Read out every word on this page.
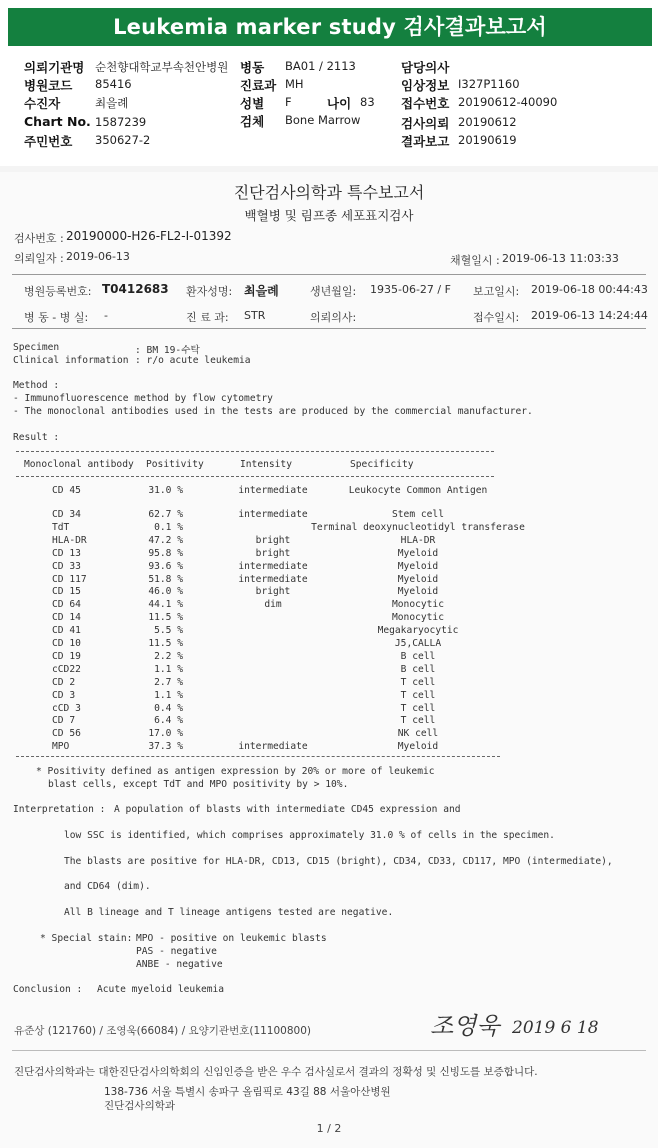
Leukemia marker study 검사결과보고서
의뢰기관명 순천향대학교부속천안병원 병동 BA01 / 2113	담당의사
병원코드 85416	진료과 MH	임상정보 I327P1160
수진자	최을례	성별 F	나이 83 접수번호 20190612-40090
Chart No. 1587239	검체 Bone Marrow	검사의뢰 20190612
주민번호 350627-2	결과보고 20190619
진단검사의학과 특수보고서
백혈병 및 림프종 세포표지검사
검사번호 : 20190000-H26-FL2-I-01392
의뢰일자 : 2019-06-13	채혈일시 : 2019-06-13 11:03:33
병원등록번호: T0412683 환자성명: 최을례	생년월일: 1935-06-27 / F 보고일시: 2019-06-18 00:44:43
병 동 - 병 실: -	진 료 과: STR	의뢰의사:	접수일시: 2019-06-13 14:24:44
Specimen	: BM 19-수탁
Clinical information : r/o acute leukemia
Method :
- Immunofluorescence method by flow cytometry
- The monoclonal antibodies used in the tests are produced by the commercial manufacturer.
Result :
Monoclonal antibody Positivity	Intensity	Specificity
CD 45	31.0 %	intermediate	Leukocyte Common Antigen
CD 34	62.7 %	intermediate	Stem cell
TdT	0.1 %	Terminal deoxynucleotidyl transferase
HLA-DR	47.2 %	bright	HLA-DR
CD 13	95.8 %	bright	Myeloid
CD 33	93.6 %	intermediate	Myeloid
CD 117	51.8 %	intermediate	Myeloid
CD 15	46.0 %	bright	Myeloid
CD 64	44.1 %	dim	Monocytic
CD 14	11.5 %	Monocytic
CD 41	5.5 %	Megakaryocytic
CD 10	11.5 %	J5,CALLA
CD 19	2.2 %	B cell
cCD22	1.1 %	B cell
CD 2	2.7 %	T cell
CD 3	1.1 %	T cell
cCD 3	0.4 %	T cell
CD 7	6.4 %	T cell
CD 56	17.0 %	NK cell
MPO	37.3 %	intermediate	Myeloid
* Positivity defined as antigen expression by 20% or more of leukemic
blast cells, except TdT and MPO positivity by > 10%.
Interpretation : A population of blasts with intermediate CD45 expression and
low SSC is identified, which comprises approximately 31.0 % of cells in the specimen.
The blasts are positive for HLA-DR, CD13, CD15 (bright), CD34, CD33, CD117, MPO (intermediate),
and CD64 (dim).
All B lineage and T lineage antigens tested are negative.
* Special stain: MPO - positive on leukemic blasts
PAS - negative
ANBE - negative
Conclusion : Acute myeloid leukemia
유준상 (121760) / 조영욱(66084) / 요양기관번호(11100800)	조영욱 2019 6 18
진단검사의학과는 대한진단검사의학회의 신임인증을 받은 우수 검사실로서 결과의 정확성 및 신빙도를 보증합니다.
138-736 서울 특별시 송파구 올림픽로 43길 88 서울아산병원
진단검사의학과
1 / 2
